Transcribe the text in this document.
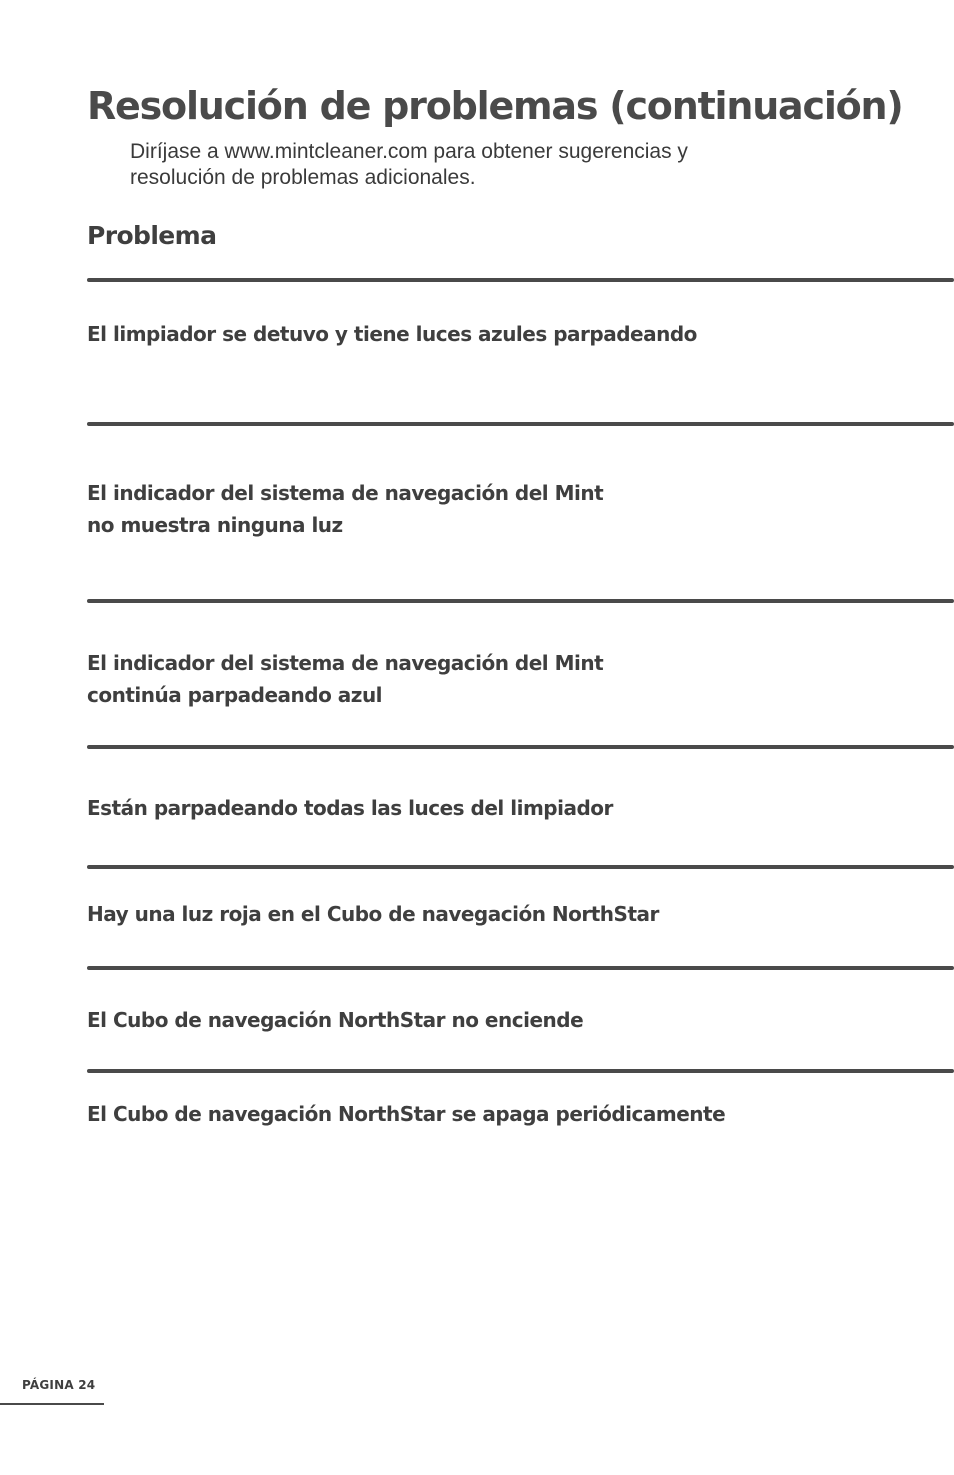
Resolución de problemas (continuación)

Diríjase a www.mintcleaner.com para obtener sugerencias y
resolución de problemas adicionales.

Problema

El limpiador se detuvo y tiene luces azules parpadeando

El indicador del sistema de navegación del Mint
no muestra ninguna luz

El indicador del sistema de navegación del Mint
continúa parpadeando azul

Están parpadeando todas las luces del limpiador

Hay una luz roja en el Cubo de navegación NorthStar

El Cubo de navegación NorthStar no enciende

El Cubo de navegación NorthStar se apaga periódicamente

PÁGINA 24
